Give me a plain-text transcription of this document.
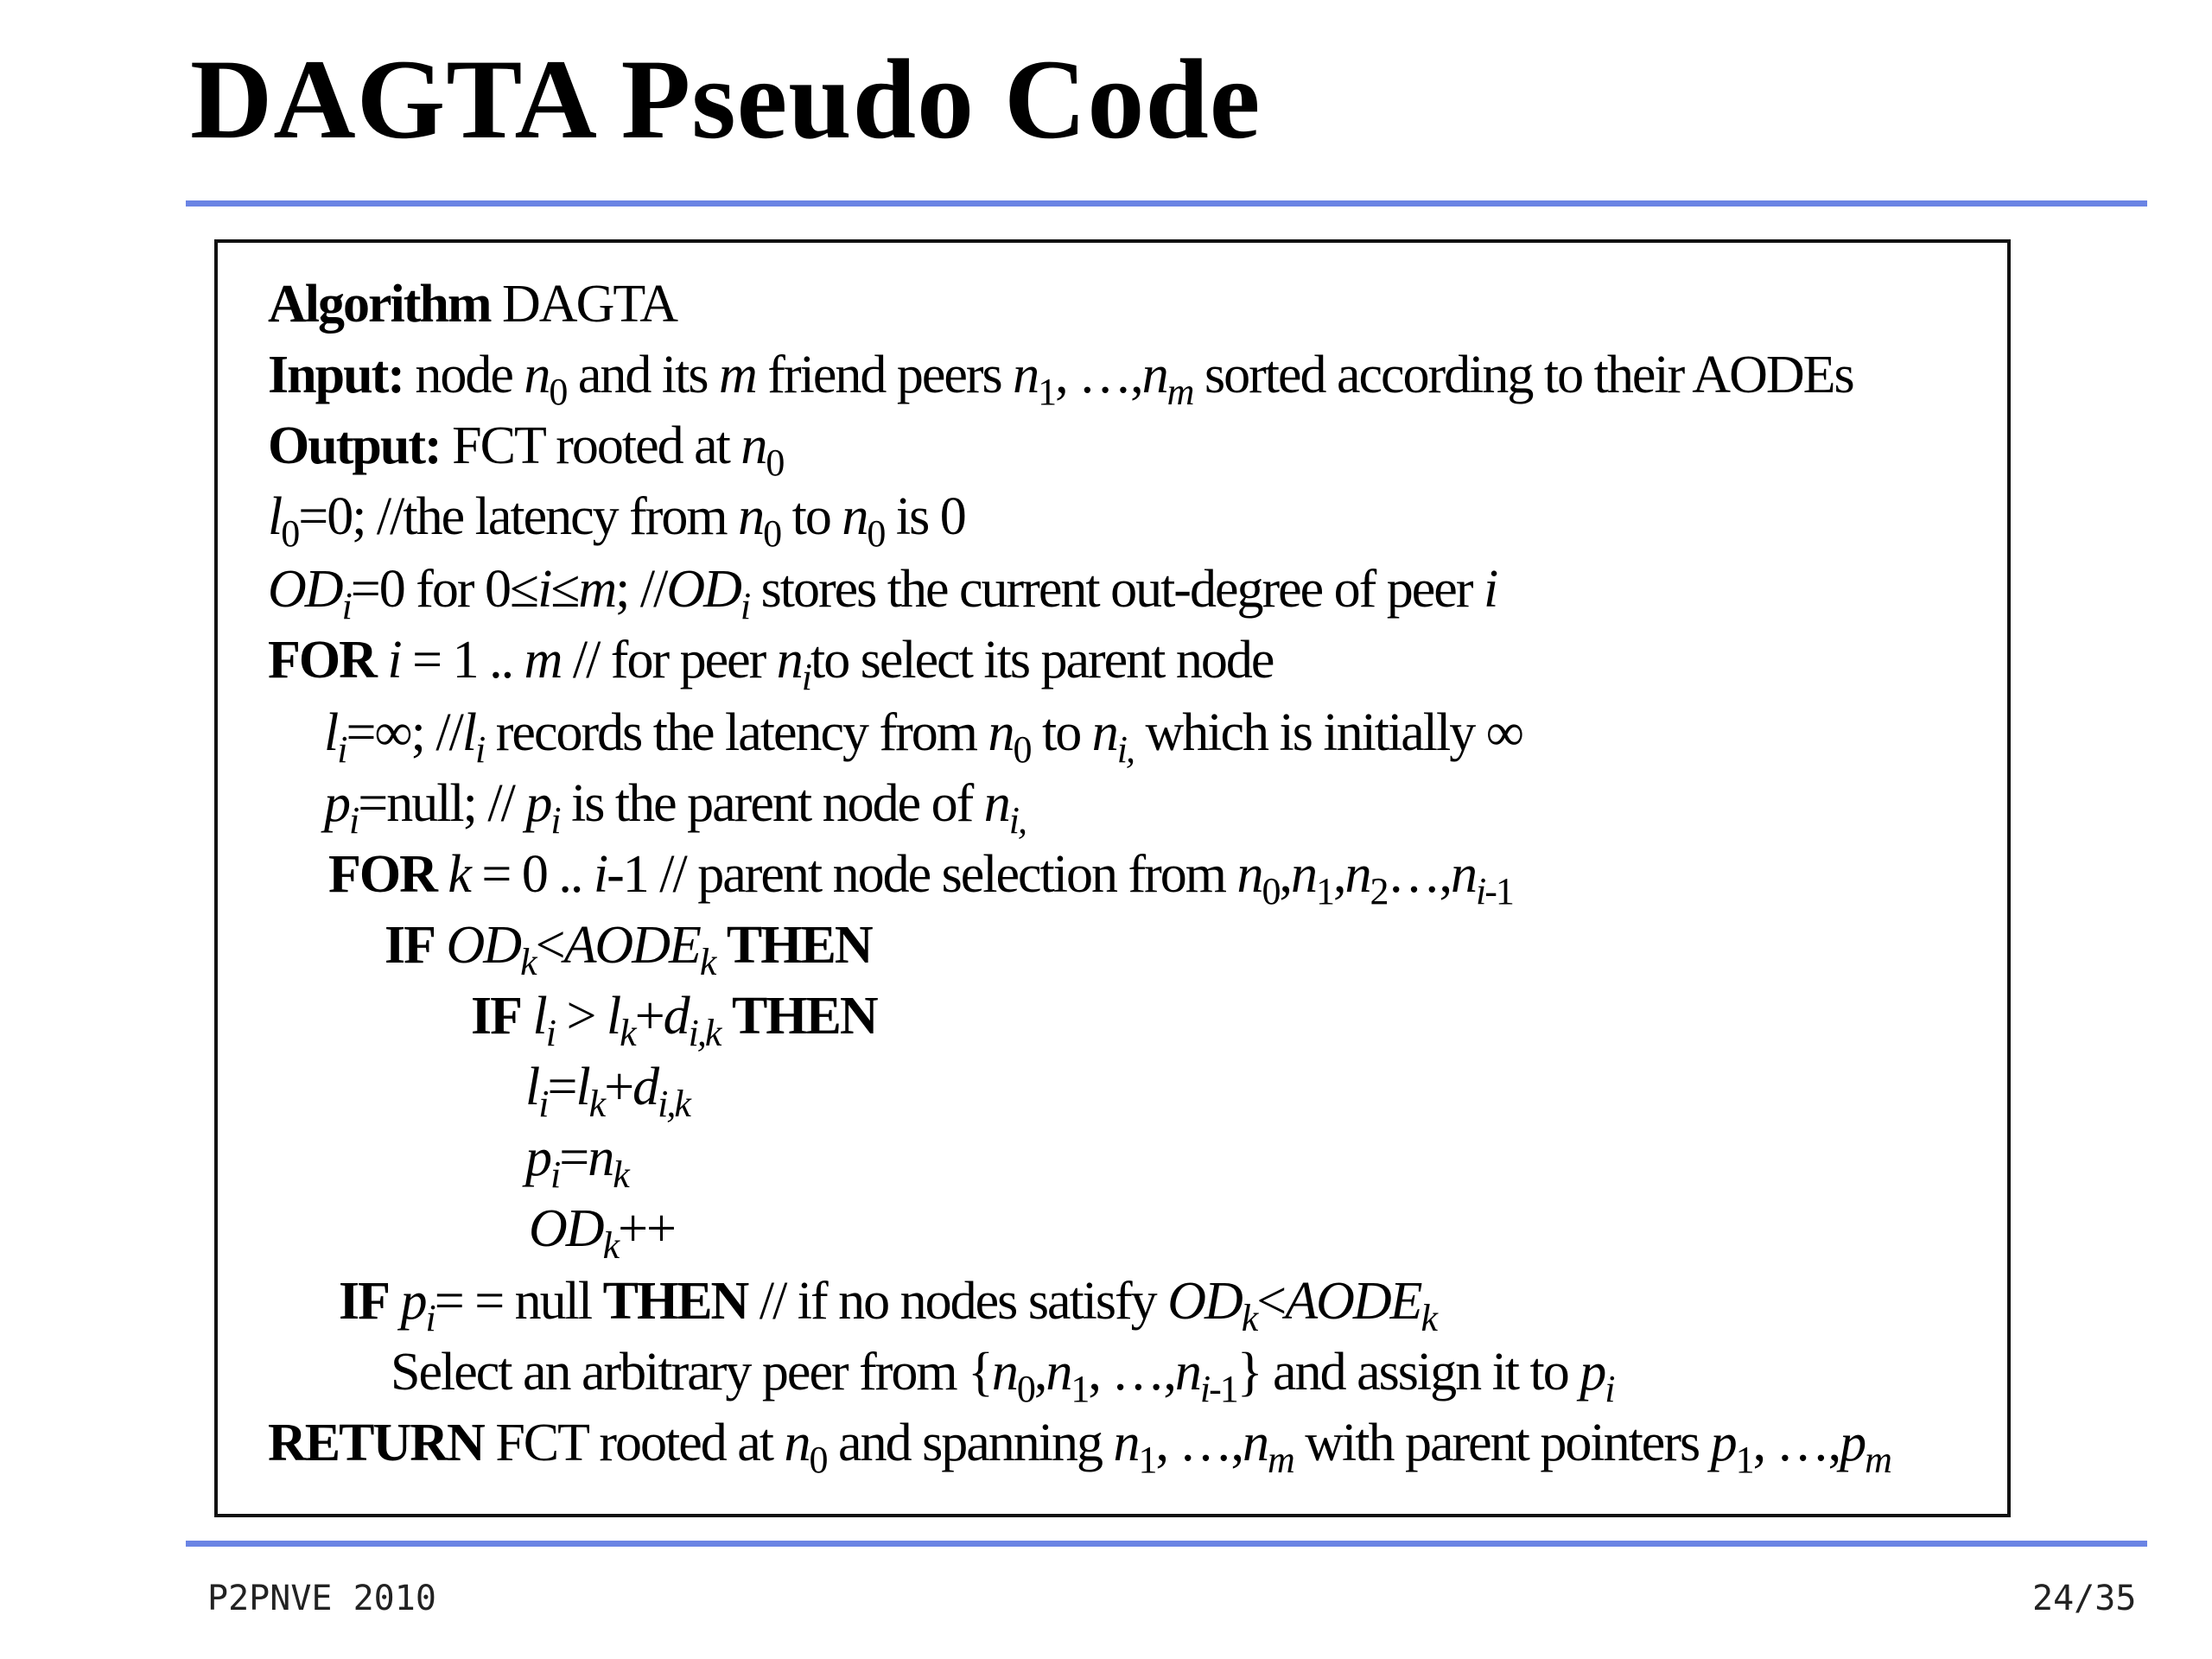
DAGTA Pseudo Code
Algorithm DAGTA
Input: node $n_0$ and its m friend peers $n_1$, $\dots,n_m$ sorted according to their AODEs
Output: FCT rooted at $n_0$
$l_0=0$; //the latency from $n_0$ to $n_0$ is 0
$OD_i=0$ for 0≤i≤m; $//OD_i$ stores the current out-degree of peer i
FOR i = 1 .. m // for peer $n_ito$ select its parent node
$l_i=\infty$; $//l_i$ records the latency from $n_0$ to $n_{i,}$ which is initially ∞
$p_i=null$; // $p_i$ is the parent node of $n_{i,}$
FOR k = 0 .. i-1 // parent node selection from $n_0,n_1,n_2\dots,n_{i-1}$
IF $OD_k<AODE_k$ THEN
IF $l_i > l_k+d_{i,k}$ THEN
$l_i=l_k+d_{i,k}$
$p_i=n_k$
$OD_k++$
IF $p_i=$ = null THEN // if no nodes satisfy $OD_k<AODE_k$
Select an arbitrary peer from {$n_0,n_1$, $\dots,n_{i-1}$} and assign it to $p_i$
RETURN FCT rooted at $n_0$ and spanning $n_1$, $\dots,n_m$ with parent pointers $p_1$, $\dots,p_m$
P2PNVE 2010	24/35
